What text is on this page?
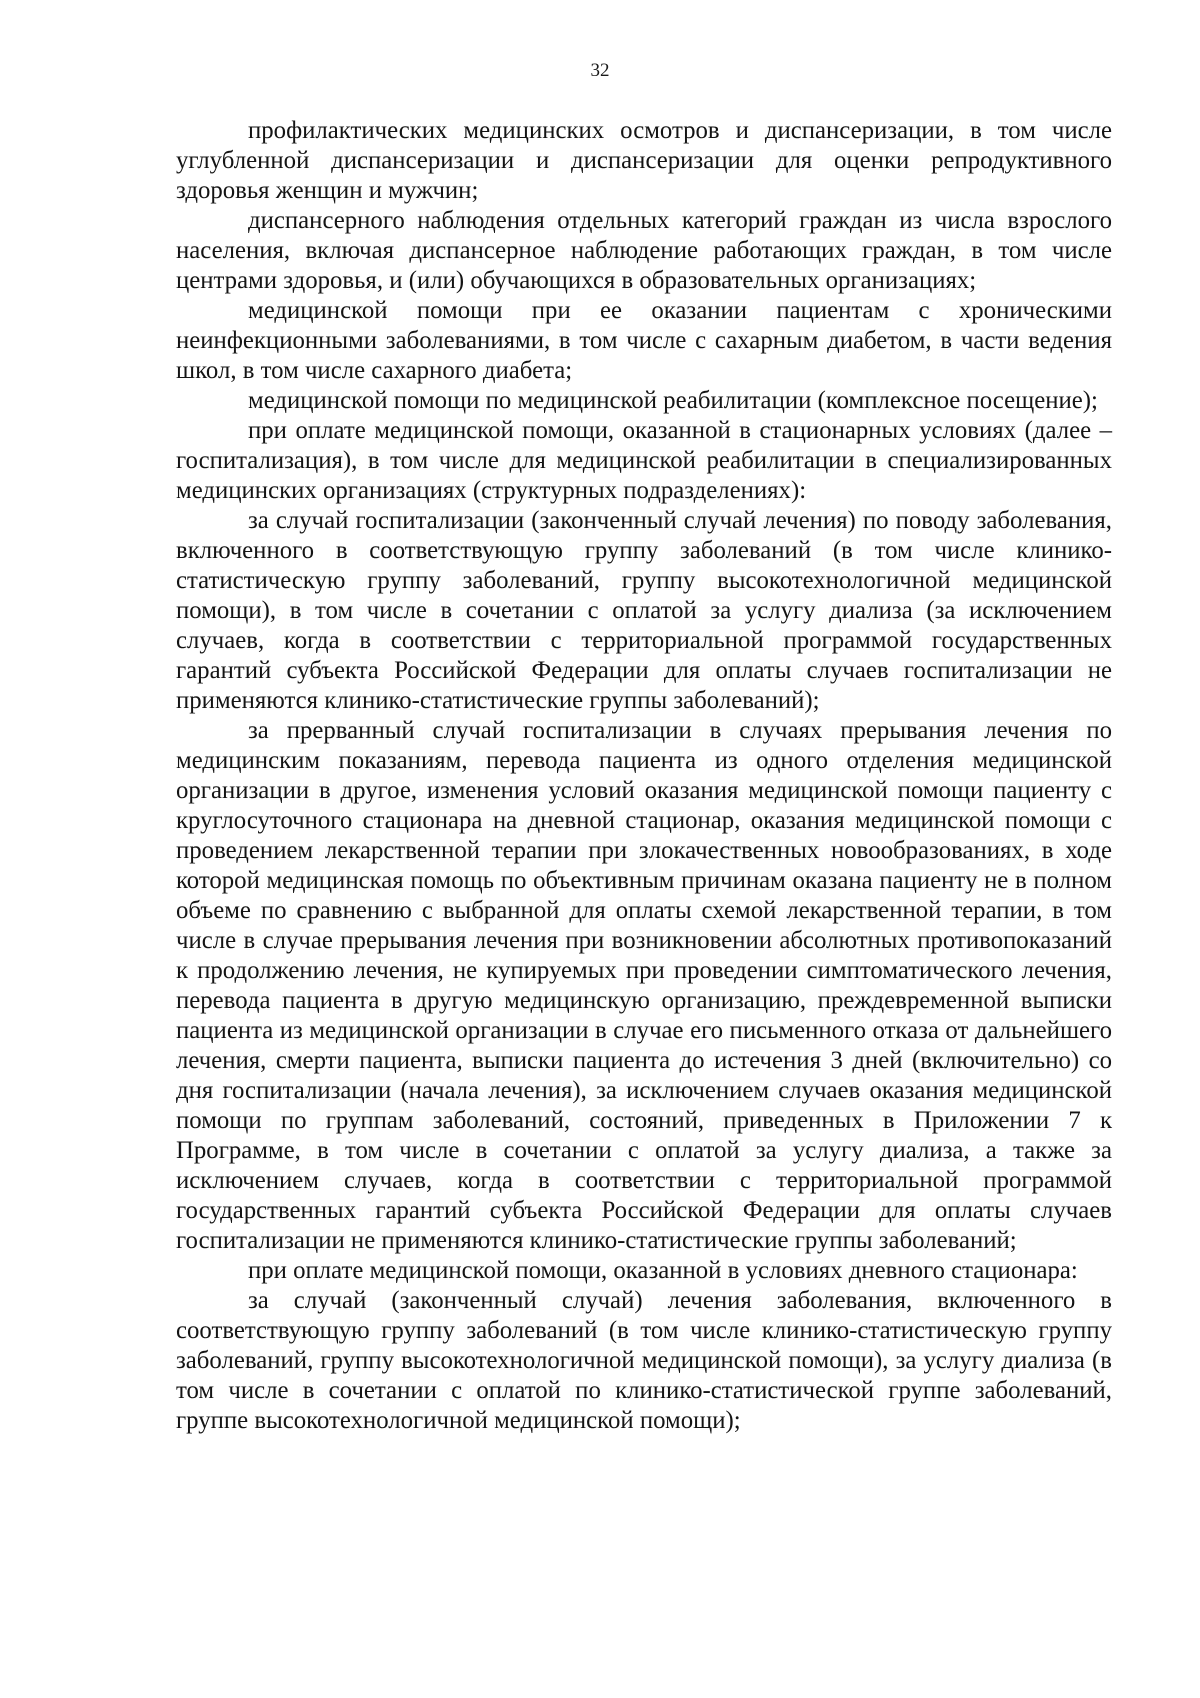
32

профилактических медицинских осмотров и диспансеризации, в том числе углубленной диспансеризации и диспансеризации для оценки репродуктивного здоровья женщин и мужчин;

диспансерного наблюдения отдельных категорий граждан из числа взрослого населения, включая диспансерное наблюдение работающих граждан, в том числе центрами здоровья, и (или) обучающихся в образовательных организациях;

медицинской помощи при ее оказании пациентам с хроническими неинфекционными заболеваниями, в том числе с сахарным диабетом, в части ведения школ, в том числе сахарного диабета;

медицинской помощи по медицинской реабилитации (комплексное посещение);

при оплате медицинской помощи, оказанной в стационарных условиях (далее – госпитализация), в том числе для медицинской реабилитации в специализированных медицинских организациях (структурных подразделениях):

за случай госпитализации (законченный случай лечения) по поводу заболевания, включенного в соответствующую группу заболеваний (в том числе клинико-статистическую группу заболеваний, группу высокотехнологичной медицинской помощи), в том числе в сочетании с оплатой за услугу диализа (за исключением случаев, когда в соответствии с территориальной программой государственных гарантий субъекта Российской Федерации для оплаты случаев госпитализации не применяются клинико-статистические группы заболеваний);

за прерванный случай госпитализации в случаях прерывания лечения по медицинским показаниям, перевода пациента из одного отделения медицинской организации в другое, изменения условий оказания медицинской помощи пациенту с круглосуточного стационара на дневной стационар, оказания медицинской помощи с проведением лекарственной терапии при злокачественных новообразованиях, в ходе которой медицинская помощь по объективным причинам оказана пациенту не в полном объеме по сравнению с выбранной для оплаты схемой лекарственной терапии, в том числе в случае прерывания лечения при возникновении абсолютных противопоказаний к продолжению лечения, не купируемых при проведении симптоматического лечения, перевода пациента в другую медицинскую организацию, преждевременной выписки пациента из медицинской организации в случае его письменного отказа от дальнейшего лечения, смерти пациента, выписки пациента до истечения 3 дней (включительно) со дня госпитализации (начала лечения), за исключением случаев оказания медицинской помощи по группам заболеваний, состояний, приведенных в Приложении 7 к Программе, в том числе в сочетании с оплатой за услугу диализа, а также за исключением случаев, когда в соответствии с территориальной программой государственных гарантий субъекта Российской Федерации для оплаты случаев госпитализации не применяются клинико-статистические группы заболеваний;

при оплате медицинской помощи, оказанной в условиях дневного стационара:

за случай (законченный случай) лечения заболевания, включенного в соответствующую группу заболеваний (в том числе клинико-статистическую группу заболеваний, группу высокотехнологичной медицинской помощи), за услугу диализа (в том числе в сочетании с оплатой по клинико-статистической группе заболеваний, группе высокотехнологичной медицинской помощи);
